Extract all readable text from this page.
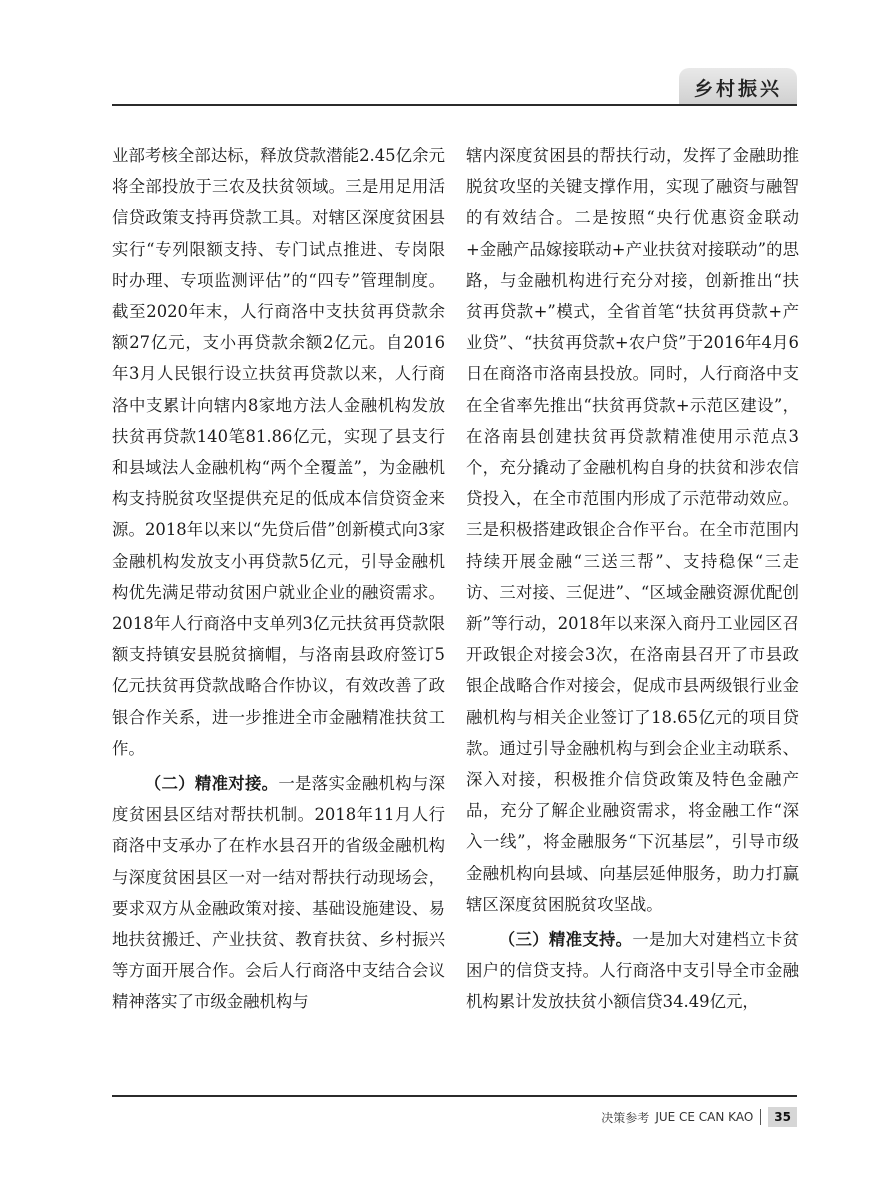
乡村振兴

业部考核全部达标，释放贷款潜能2.45亿余元将全部投放于三农及扶贫领域。三是用足用活信贷政策支持再贷款工具。对辖区深度贫困县实行“专列限额支持、专门试点推进、专岗限时办理、专项监测评估”的“四专”管理制度。截至2020年末，人行商洛中支扶贫再贷款余额27亿元，支小再贷款余额2亿元。自2016年3月人民银行设立扶贫再贷款以来，人行商洛中支累计向辖内8家地方法人金融机构发放扶贫再贷款140笔81.86亿元，实现了县支行和县域法人金融机构“两个全覆盖”，为金融机构支持脱贫攻坚提供充足的低成本信贷资金来源。2018年以来以“先贷后借”创新模式向3家金融机构发放支小再贷款5亿元，引导金融机构优先满足带动贫困户就业企业的融资需求。2018年人行商洛中支单列3亿元扶贫再贷款限额支持镇安县脱贫摘帽，与洛南县政府签订5亿元扶贫再贷款战略合作协议，有效改善了政银合作关系，进一步推进全市金融精准扶贫工作。

（二）精准对接。一是落实金融机构与深度贫困县区结对帮扶机制。2018年11月人行商洛中支承办了在柞水县召开的省级金融机构与深度贫困县区一对一结对帮扶行动现场会，要求双方从金融政策对接、基础设施建设、易地扶贫搬迁、产业扶贫、教育扶贫、乡村振兴等方面开展合作。会后人行商洛中支结合会议精神落实了市级金融机构与

辖内深度贫困县的帮扶行动，发挥了金融助推脱贫攻坚的关键支撑作用，实现了融资与融智的有效结合。二是按照“央行优惠资金联动+金融产品嫁接联动+产业扶贫对接联动”的思路，与金融机构进行充分对接，创新推出“扶贫再贷款+”模式，全省首笔“扶贫再贷款+产业贷”、“扶贫再贷款+农户贷”于2016年4月6日在商洛市洛南县投放。同时，人行商洛中支在全省率先推出“扶贫再贷款+示范区建设”，在洛南县创建扶贫再贷款精准使用示范点3个，充分撬动了金融机构自身的扶贫和涉农信贷投入，在全市范围内形成了示范带动效应。三是积极搭建政银企合作平台。在全市范围内持续开展金融“三送三帮”、支持稳保“三走访、三对接、三促进”、“区域金融资源优配创新”等行动，2018年以来深入商丹工业园区召开政银企对接会3次，在洛南县召开了市县政银企战略合作对接会，促成市县两级银行业金融机构与相关企业签订了18.65亿元的项目贷款。通过引导金融机构与到会企业主动联系、深入对接，积极推介信贷政策及特色金融产品，充分了解企业融资需求，将金融工作“深入一线”，将金融服务“下沉基层”，引导市级金融机构向县域、向基层延伸服务，助力打赢辖区深度贫困脱贫攻坚战。

（三）精准支持。一是加大对建档立卡贫困户的信贷支持。人行商洛中支引导全市金融机构累计发放扶贫小额信贷34.49亿元，

决策参考 JUE CE CAN KAO	35
